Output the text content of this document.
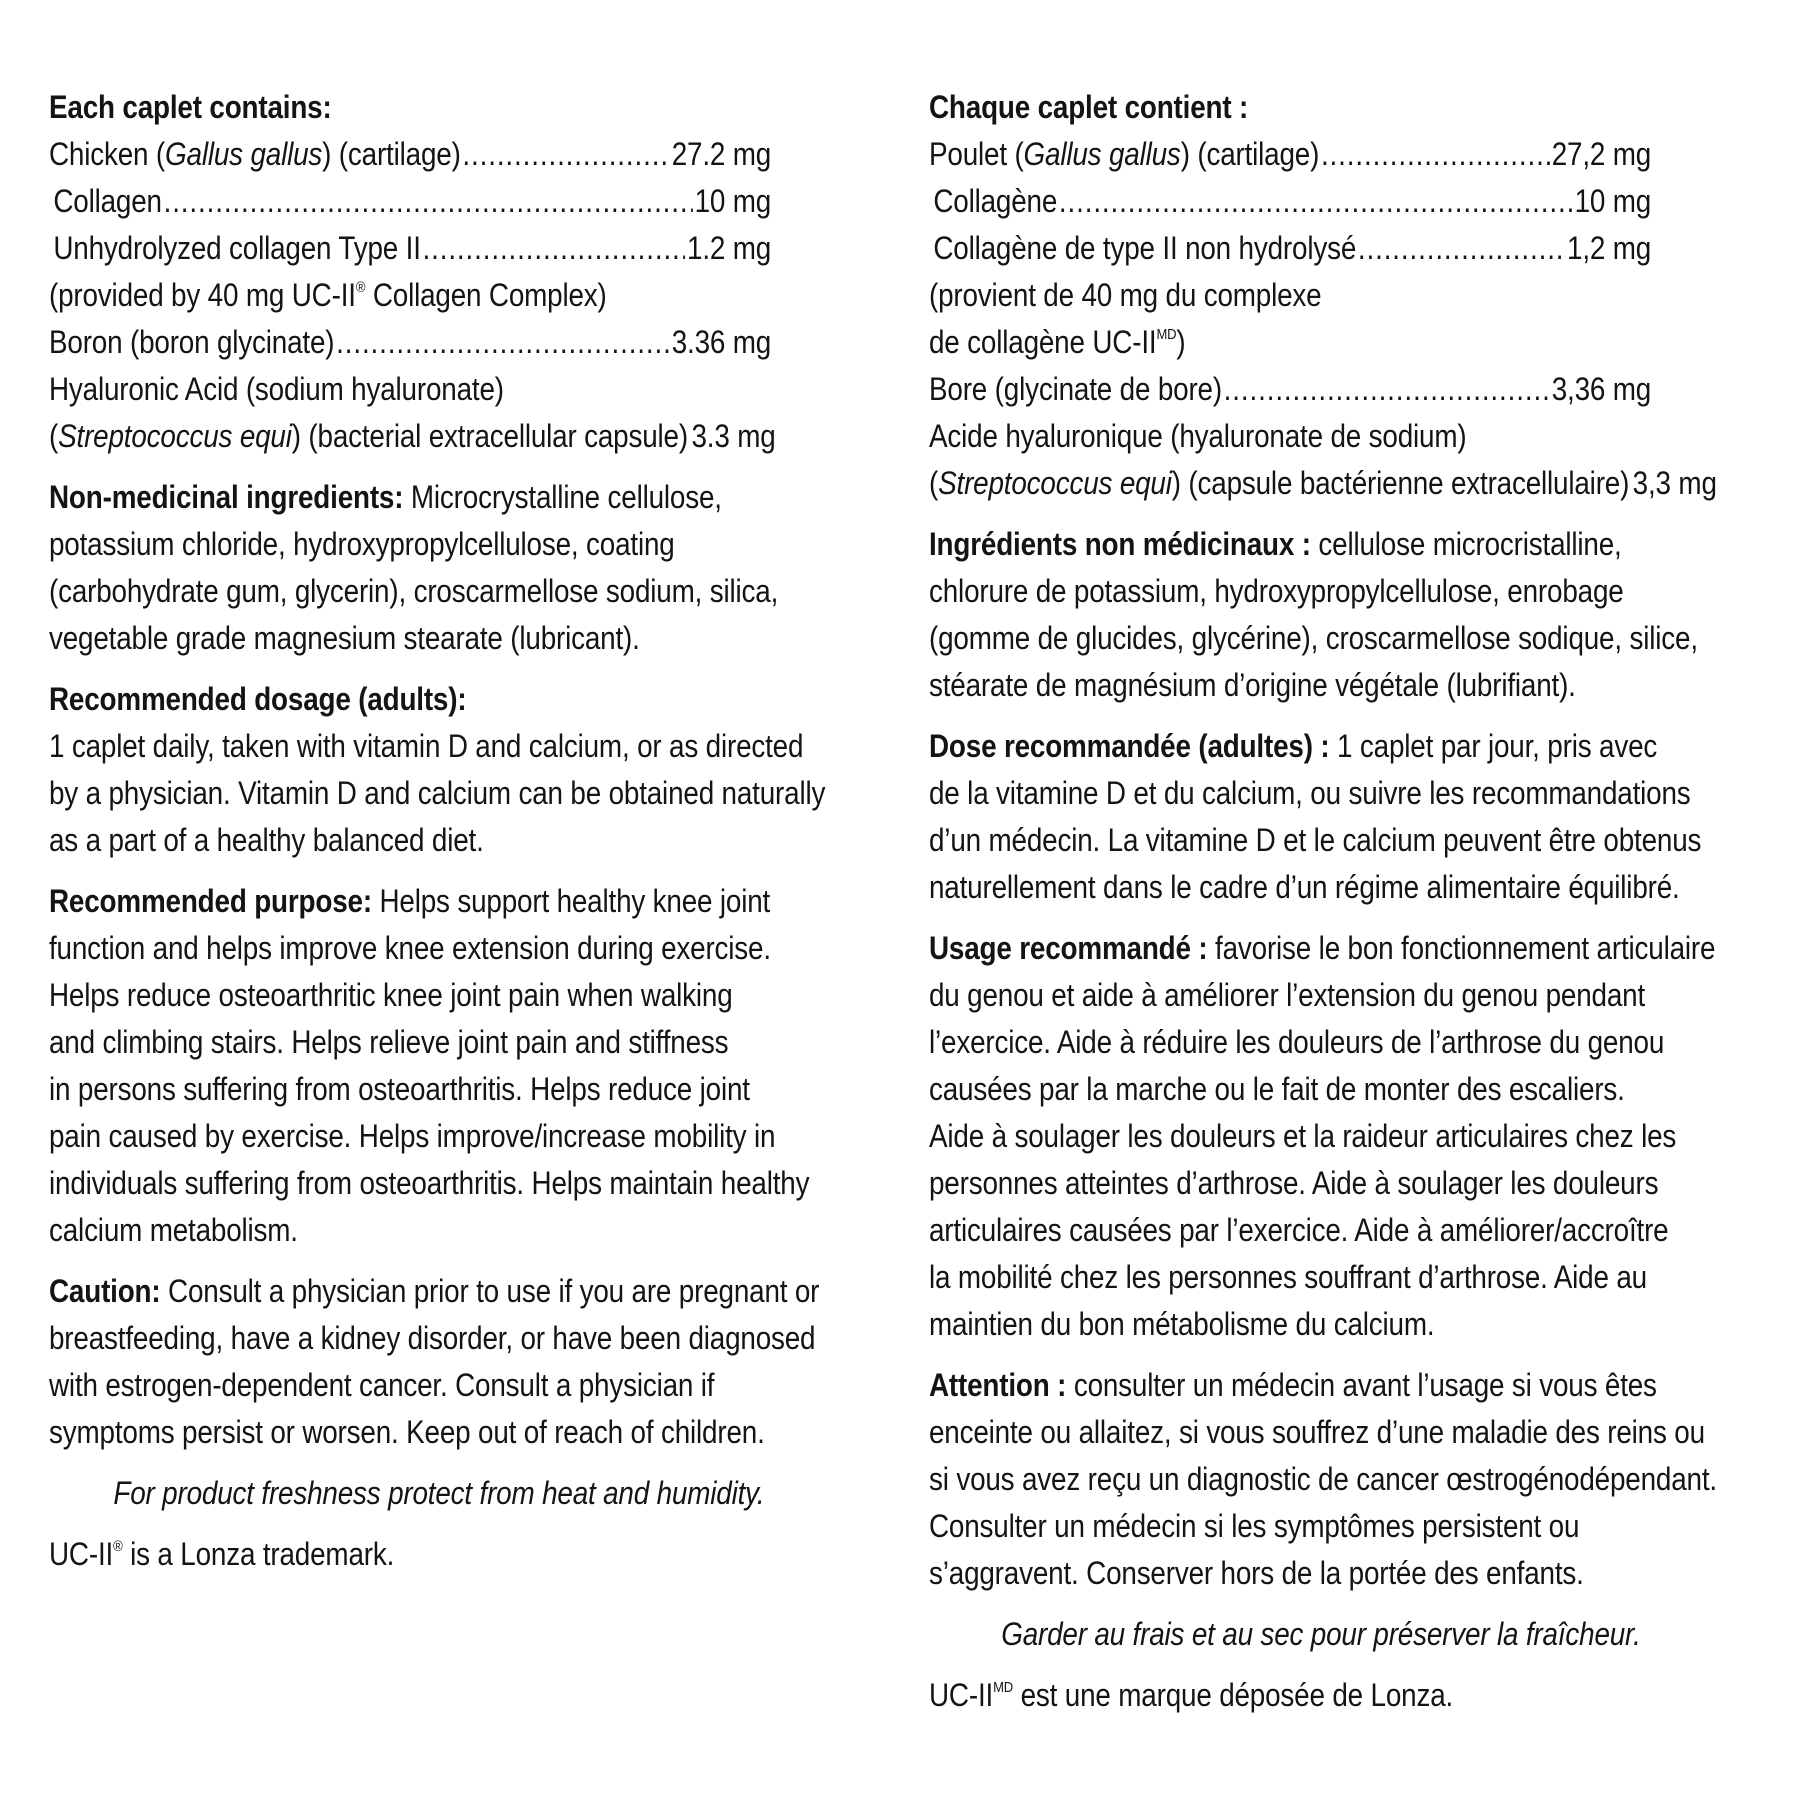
Each caplet contains:
Chicken (Gallus gallus) (cartilage) .....	27.2 mg
Collagen .....	10 mg
Unhydrolyzed collagen Type II .....	1.2 mg
(provided by 40 mg UC-II® Collagen Complex)
Boron (boron glycinate) .....	3.36 mg
Hyaluronic Acid (sodium hyaluronate)
(Streptococcus equi) (bacterial extracellular capsule) 3.3 mg
Non-medicinal ingredients: Microcrystalline cellulose,
potassium chloride, hydroxypropylcellulose, coating
(carbohydrate gum, glycerin), croscarmellose sodium, silica,
vegetable grade magnesium stearate (lubricant).
Recommended dosage (adults):
1 caplet daily, taken with vitamin D and calcium, or as directed
by a physician. Vitamin D and calcium can be obtained naturally
as a part of a healthy balanced diet.
Recommended purpose: Helps support healthy knee joint
function and helps improve knee extension during exercise.
Helps reduce osteoarthritic knee joint pain when walking
and climbing stairs. Helps relieve joint pain and stiffness
in persons suffering from osteoarthritis. Helps reduce joint
pain caused by exercise. Helps improve/increase mobility in
individuals suffering from osteoarthritis. Helps maintain healthy
calcium metabolism.
Caution: Consult a physician prior to use if you are pregnant or
breastfeeding, have a kidney disorder, or have been diagnosed
with estrogen-dependent cancer. Consult a physician if
symptoms persist or worsen. Keep out of reach of children.
For product freshness protect from heat and humidity.
UC-II® is a Lonza trademark.
Chaque caplet contient :
Poulet (Gallus gallus) (cartilage) .....	27,2 mg
Collagène .....	10 mg
Collagène de type II non hydrolysé .....	1,2 mg
(provient de 40 mg du complexe
de collagène $UC-II^{MD}$)
Bore (glycinate de bore) .....	3,36 mg
Acide hyaluronique (hyaluronate de sodium)
(Streptococcus equi) (capsule bactérienne extracellulaire) 3,3 mg
Ingrédients non médicinaux : cellulose microcristalline,
chlorure de potassium, hydroxypropylcellulose, enrobage
(gomme de glucides, glycérine), croscarmellose sodique, silice,
stéarate de magnésium d’origine végétale (lubrifiant).
Dose recommandée (adultes) : 1 caplet par jour, pris avec
de la vitamine D et du calcium, ou suivre les recommandations
d’un médecin. La vitamine D et le calcium peuvent être obtenus
naturellement dans le cadre d’un régime alimentaire équilibré.
Usage recommandé : favorise le bon fonctionnement articulaire
du genou et aide à améliorer l’extension du genou pendant
l’exercice. Aide à réduire les douleurs de l’arthrose du genou
causées par la marche ou le fait de monter des escaliers.
Aide à soulager les douleurs et la raideur articulaires chez les
personnes atteintes d’arthrose. Aide à soulager les douleurs
articulaires causées par l’exercice. Aide à améliorer/accroître
la mobilité chez les personnes souffrant d’arthrose. Aide au
maintien du bon métabolisme du calcium.
Attention : consulter un médecin avant l’usage si vous êtes
enceinte ou allaitez, si vous souffrez d’une maladie des reins ou
si vous avez reçu un diagnostic de cancer œstrogénodépendant.
Consulter un médecin si les symptômes persistent ou
s’aggravent. Conserver hors de la portée des enfants.
Garder au frais et au sec pour préserver la fraîcheur.
$UC-II^{MD}$ est une marque déposée de Lonza.
